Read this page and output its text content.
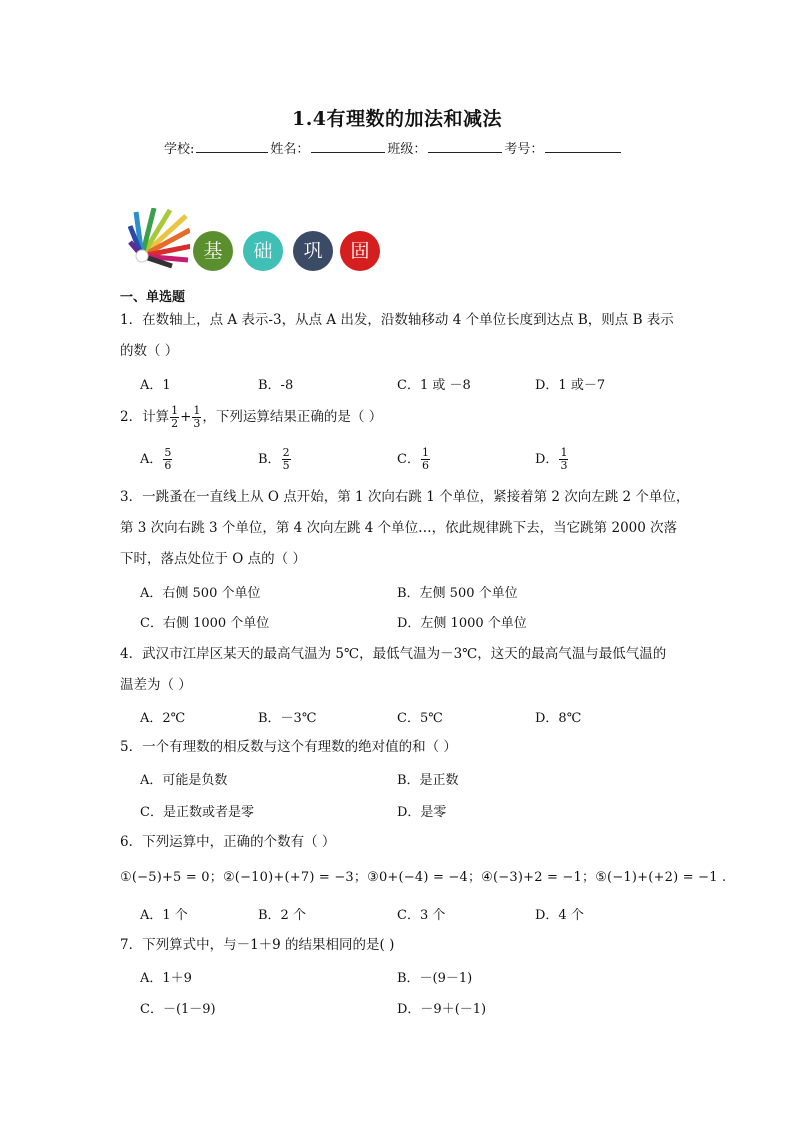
1.4有理数的加法和减法
学校:	姓名：	班级：	考号：
基	础	巩	固
一、单选题
1．在数轴上，点 A 表示-3，从点 A 出发，沿数轴移动 4 个单位长度到达点 B，则点 B 表示
的数（ ）
A．1	B．-8	C．1 或 －8	D．1 或－7
2．计算 $\frac{1}{2} + \frac{1}{3}$ ，下列运算结果正确的是（ ）
A． $\frac{5}{6}$	B． $\frac{2}{5}$	C． $\frac{1}{6}$	D． $\frac{1}{3}$
3．一跳蚤在一直线上从 O 点开始，第 1 次向右跳 1 个单位，紧接着第 2 次向左跳 2 个单位，
第 3 次向右跳 3 个单位，第 4 次向左跳 4 个单位…，依此规律跳下去，当它跳第 2000 次落
下时，落点处位于 O 点的（ ）
A．右侧 500 个单位	B．左侧 500 个单位
C．右侧 1000 个单位	D．左侧 1000 个单位
4．武汉市江岸区某天的最高气温为 5℃，最低气温为－3℃，这天的最高气温与最低气温的
温差为（ ）
A．2℃	B．－3℃	C．5℃	D．8℃
5．一个有理数的相反数与这个有理数的绝对值的和（ ）
A．可能是负数	B．是正数
C．是正数或者是零	D．是零
6．下列运算中，正确的个数有（ ）
①(−5)+5 = 0；②(−10)+(+7) = −3；③0+(−4) = −4；④(−3)+2 = −1；⑤(−1)+(+2) = −1 .
A．1 个	B．2 个	C．3 个	D．4 个
7．下列算式中，与－1＋9 的结果相同的是( )
A．1＋9	B．－(9－1)
C．－(1－9)	D．－9＋(－1)
